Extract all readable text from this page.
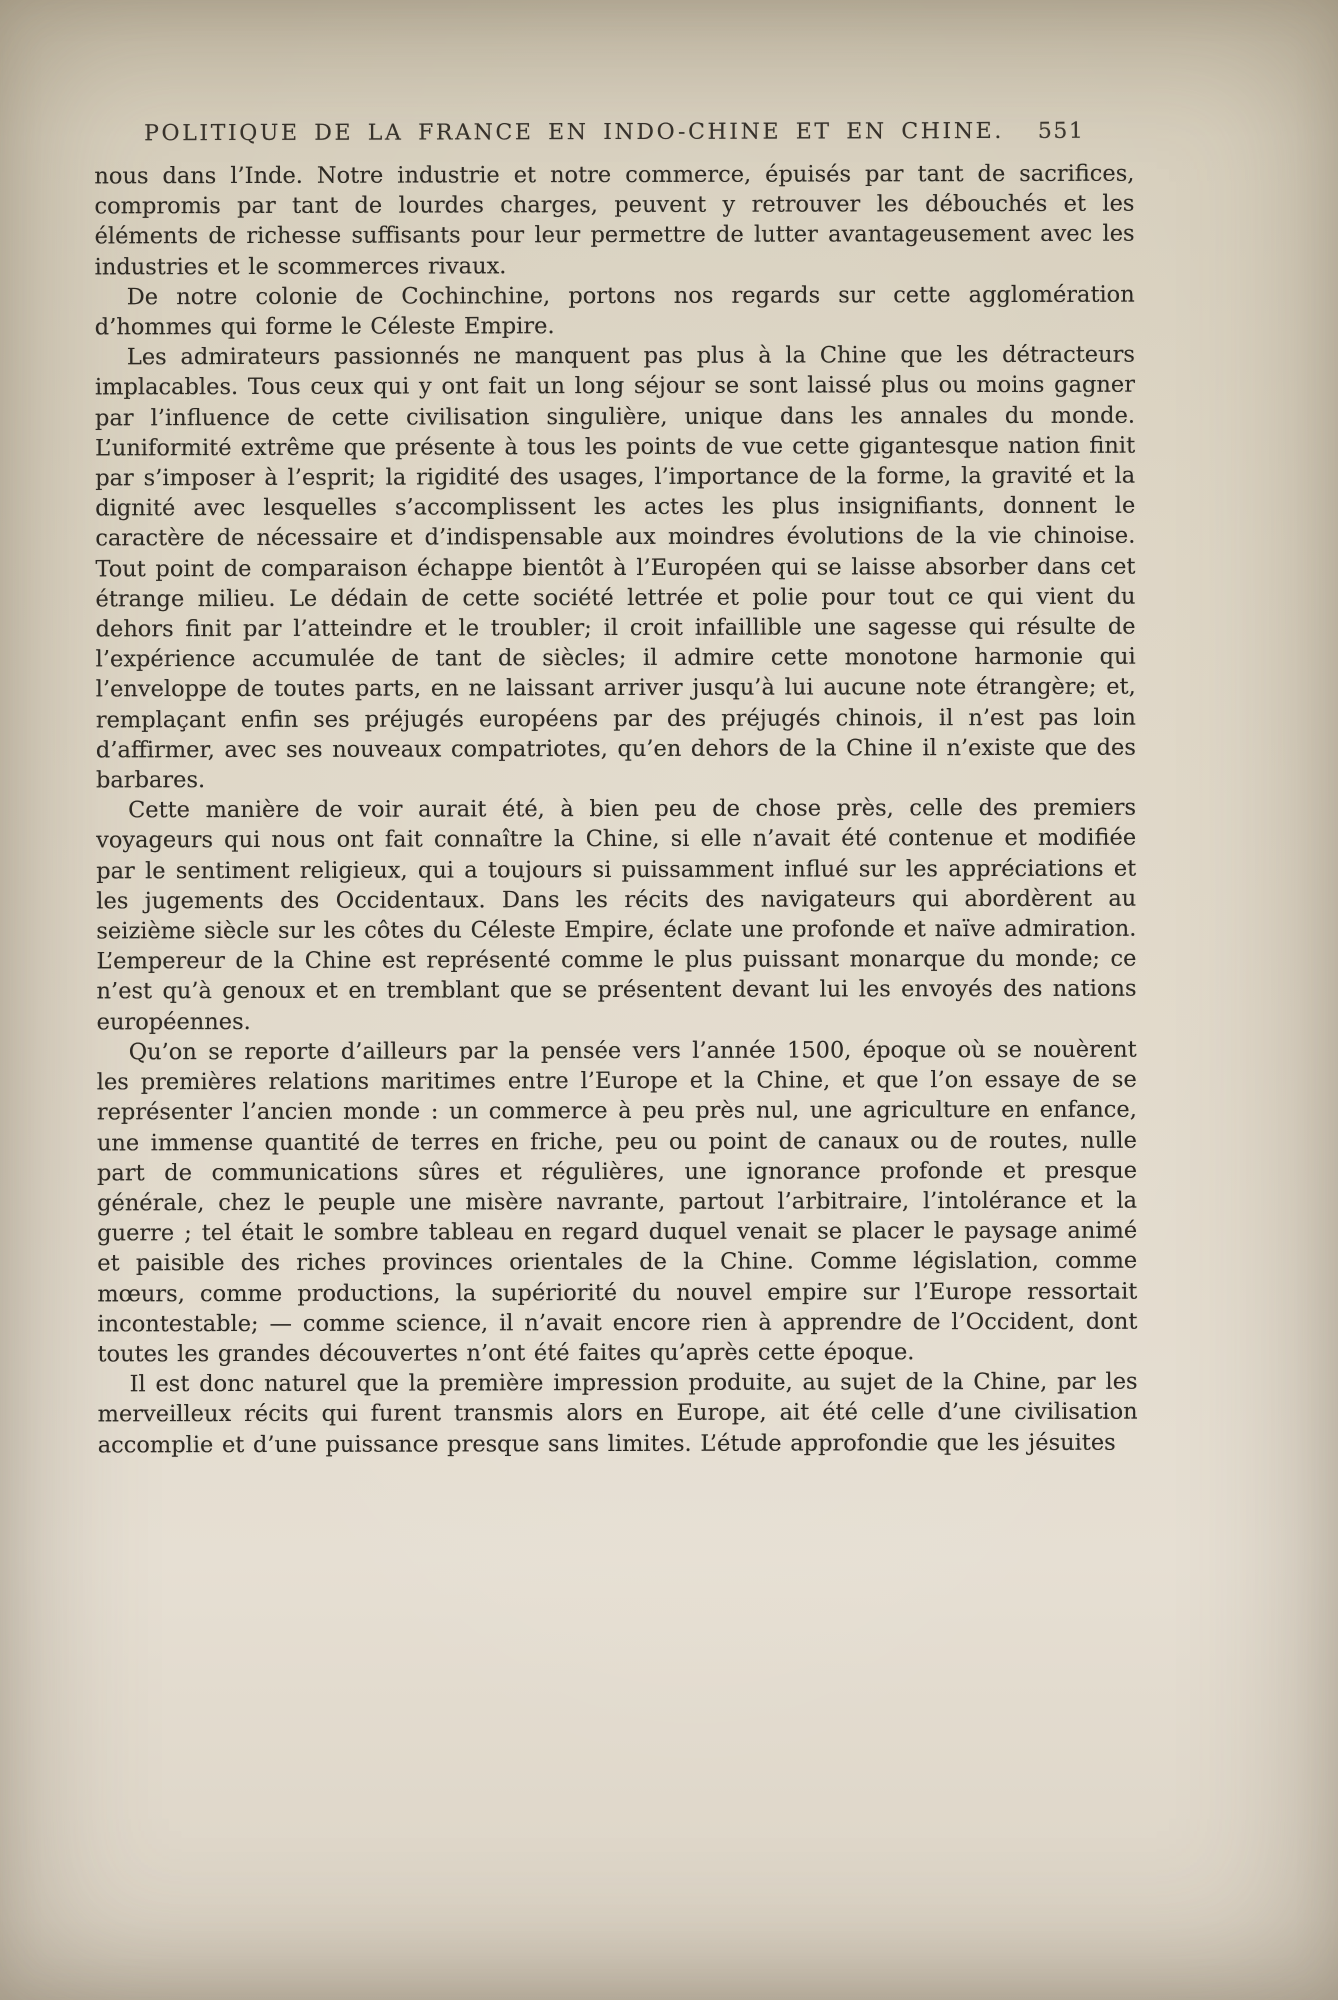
POLITIQUE DE LA FRANCE EN INDO-CHINE ET EN CHINE. 551

nous dans l’Inde. Notre industrie et notre commerce, épuisés par tant de sacrifices, compromis par tant de lourdes charges, peuvent y retrouver les débouchés et les éléments de richesse suffisants pour leur permettre de lutter avantageusement avec les industries et le scommerces rivaux.

De notre colonie de Cochinchine, portons nos regards sur cette agglomération d’hommes qui forme le Céleste Empire.

Les admirateurs passionnés ne manquent pas plus à la Chine que les détracteurs implacables. Tous ceux qui y ont fait un long séjour se sont laissé plus ou moins gagner par l’influence de cette civilisation singulière, unique dans les annales du monde. L’uniformité extrême que présente à tous les points de vue cette gigantesque nation finit par s’imposer à l’esprit; la rigidité des usages, l’importance de la forme, la gravité et la dignité avec lesquelles s’accomplissent les actes les plus insignifiants, donnent le caractère de nécessaire et d’indispensable aux moindres évolutions de la vie chinoise. Tout point de comparaison échappe bientôt à l’Européen qui se laisse absorber dans cet étrange milieu. Le dédain de cette société lettrée et polie pour tout ce qui vient du dehors finit par l’atteindre et le troubler; il croit infaillible une sagesse qui résulte de l’expérience accumulée de tant de siècles; il admire cette monotone harmonie qui l’enveloppe de toutes parts, en ne laissant arriver jusqu’à lui aucune note étrangère; et, remplaçant enfin ses préjugés européens par des préjugés chinois, il n’est pas loin d’affirmer, avec ses nouveaux compatriotes, qu’en dehors de la Chine il n’existe que des barbares.

Cette manière de voir aurait été, à bien peu de chose près, celle des premiers voyageurs qui nous ont fait connaître la Chine, si elle n’avait été contenue et modifiée par le sentiment religieux, qui a toujours si puissamment influé sur les appréciations et les jugements des Occidentaux. Dans les récits des navigateurs qui abordèrent au seizième siècle sur les côtes du Céleste Empire, éclate une profonde et naïve admiration. L’empereur de la Chine est représenté comme le plus puissant monarque du monde; ce n’est qu’à genoux et en tremblant que se présentent devant lui les envoyés des nations européennes.

Qu’on se reporte d’ailleurs par la pensée vers l’année 1500, époque où se nouèrent les premières relations maritimes entre l’Europe et la Chine, et que l’on essaye de se représenter l’ancien monde : un commerce à peu près nul, une agriculture en enfance, une immense quantité de terres en friche, peu ou point de canaux ou de routes, nulle part de communications sûres et régulières, une ignorance profonde et presque générale, chez le peuple une misère navrante, partout l’arbitraire, l’intolérance et la guerre ; tel était le sombre tableau en regard duquel venait se placer le paysage animé et paisible des riches provinces orientales de la Chine. Comme législation, comme mœurs, comme productions, la supériorité du nouvel empire sur l’Europe ressortait incontestable; — comme science, il n’avait encore rien à apprendre de l’Occident, dont toutes les grandes découvertes n’ont été faites qu’après cette époque.

Il est donc naturel que la première impression produite, au sujet de la Chine, par les merveilleux récits qui furent transmis alors en Europe, ait été celle d’une civilisation accomplie et d’une puissance presque sans limites. L’étude approfondie que les jésuites
